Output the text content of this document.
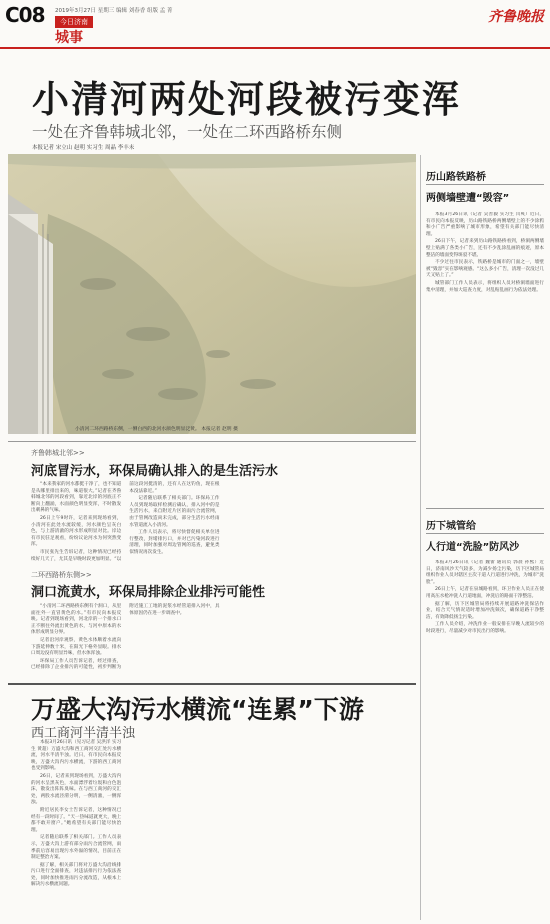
C08 2019年3月27日 星期三 编辑 刘春香 组版 孟 菁
今日济南
城事
齐鲁晚报
小清河两处河段被污变浑
一处在齐鲁韩城北邻，一处在二环西路桥东侧
本报记者 宋立山 赵明 实习生 周晶 李丰未
小清河二环西路桥东侧，一侧白西的北河水颜色明显泛黄。 本报记者 赵明 摄
齐鲁韩城北邻>>
河底冒污水，环保局确认排入的是生活污水

“本来我家的河水都挺干净了，也不知道是从哪里排出来的，味道很大。”记者在齐鲁韩城北邻的河段看到，靠近北岸的河底正不断向上翻涌，水面颜色明显变浑，不时散发出刺鼻的气味。

26日上午9时许，记者来到现场看到，小清河在此处水流较缓，河水颜色呈灰白色，与上游清澈的河水形成明显对比。岸边有市民驻足观看，纷纷议论河水为何突然变浑。

市民张先生告诉记者，这种情况已经持续好几天了，尤其是早晚时段更加明显。“以前这段河挺清的，还有人在这钓鱼，现在根本没法靠近。”

记者随后联系了相关部门。环保局工作人员到现场取样检测后确认，排入河中的是生活污水，来自附近片区的雨污合流管网，由于管网改造尚未完成，部分生活污水经雨水管道流入小清河。

工作人员表示，将尽快督促相关单位进行整改，封堵排污口，并对已污染河段进行清理，同时加强对周边管网的巡查，避免类似情况再次发生。

二环西路桥东侧>>
洞口流黄水，环保局排除企业排污可能性

“小清河二环西路桥东侧有个洞口，从里面往外一直冒黄色的水。”有市民向本报反映。记者到现场看到，河北岸的一个排水口正不断往外流出黄色的水，与河中原本的水体形成明显分界。

记者沿河岸观察，黄色水体顺着水流向下游延伸数十米，在阳光下格外显眼。排水口周边没有明显异味，但水体浑浊。

环保局工作人员告诉记者，经过排查，已经排除了企业排污的可能性，初步判断为附近施工工地的泥浆水经管道排入河中，具体原因仍在进一步调查中。

万盛大沟污水横流“连累”下游
西工商河半清半浊

本报3月26日讯（见习记者 吴洪洋 实习生 黄超）万盛大沟和西工商河交汇处污水横流，河水半清半浊。近日，有市民向本报反映，万盛大沟内污水横流，下游的西工商河也受到影响。

26日，记者来到现场看到，万盛大沟内的河水呈黑灰色，水面漂浮着垃圾和白色泡沫，散发出阵阵臭味。在与西工商河的交汇处，两股水流泾渭分明，一侧清澈，一侧浑浊。

附近居民李女士告诉记者，这种情况已经有一段时间了。“天一热味道就更大，晚上都不敢开窗户。”她希望有关部门能尽快治理。

记者随后联系了相关部门。工作人员表示，万盛大沟上游有部分雨污合流管网，雨季前后容易出现污水外溢的情况，目前正在制定整治方案。

据了解，相关部门将对万盛大沟沿线排污口进行全面排查，对违法排污行为依法查处，同时加快推进雨污分流改造，从根本上解决污水横流问题。

历山路铁路桥
两侧墙壁遭“毁容”

本报3月26日讯（记者 吴善毅 实习生 闫爽）近日，有市民向本报反映，历山路铁路桥两侧墙壁上的不少涂鸦和小广告严重影响了城市形象，希望有关部门能尽快清理。

26日下午，记者来到历山路铁路桥看到，桥洞两侧墙壁上贴满了各类小广告，还有不少乱涂乱画的痕迹，原本整洁的墙面变得斑驳不堪。

不少过往市民表示，铁路桥是城市的门面之一，墙壁被“毁容”实在影响观感。“这么多小广告，清理一次没过几天又贴上了。”

城管部门工作人员表示，将组织人员对桥洞墙面进行集中清理，并加大巡查力度，对乱贴乱画行为依法处理。

历下城管给
人行道“洗脸”防风沙

本报3月26日讯（记者 魏蕾 通讯员 郭晨 孙熙）近日，济南风沙天气较多，为减少扬尘污染，历下区城管局组织作业人员对辖区主次干道人行道进行冲洗，为城市“洗脸”。

26日上午，记者在泉城路看到，环卫作业人员正在使用高压水枪冲洗人行道地面，冲洗后的路面干净整洁。

据了解，历下区城管局将持续开展道路冲洗保洁作业，结合天气情况适时增加冲洗频次，确保道路干净整洁，有效降低扬尘污染。

工作人员介绍，冲洗作业一般安排在早晚人流较少的时段进行，尽量减少对市民出行的影响。
